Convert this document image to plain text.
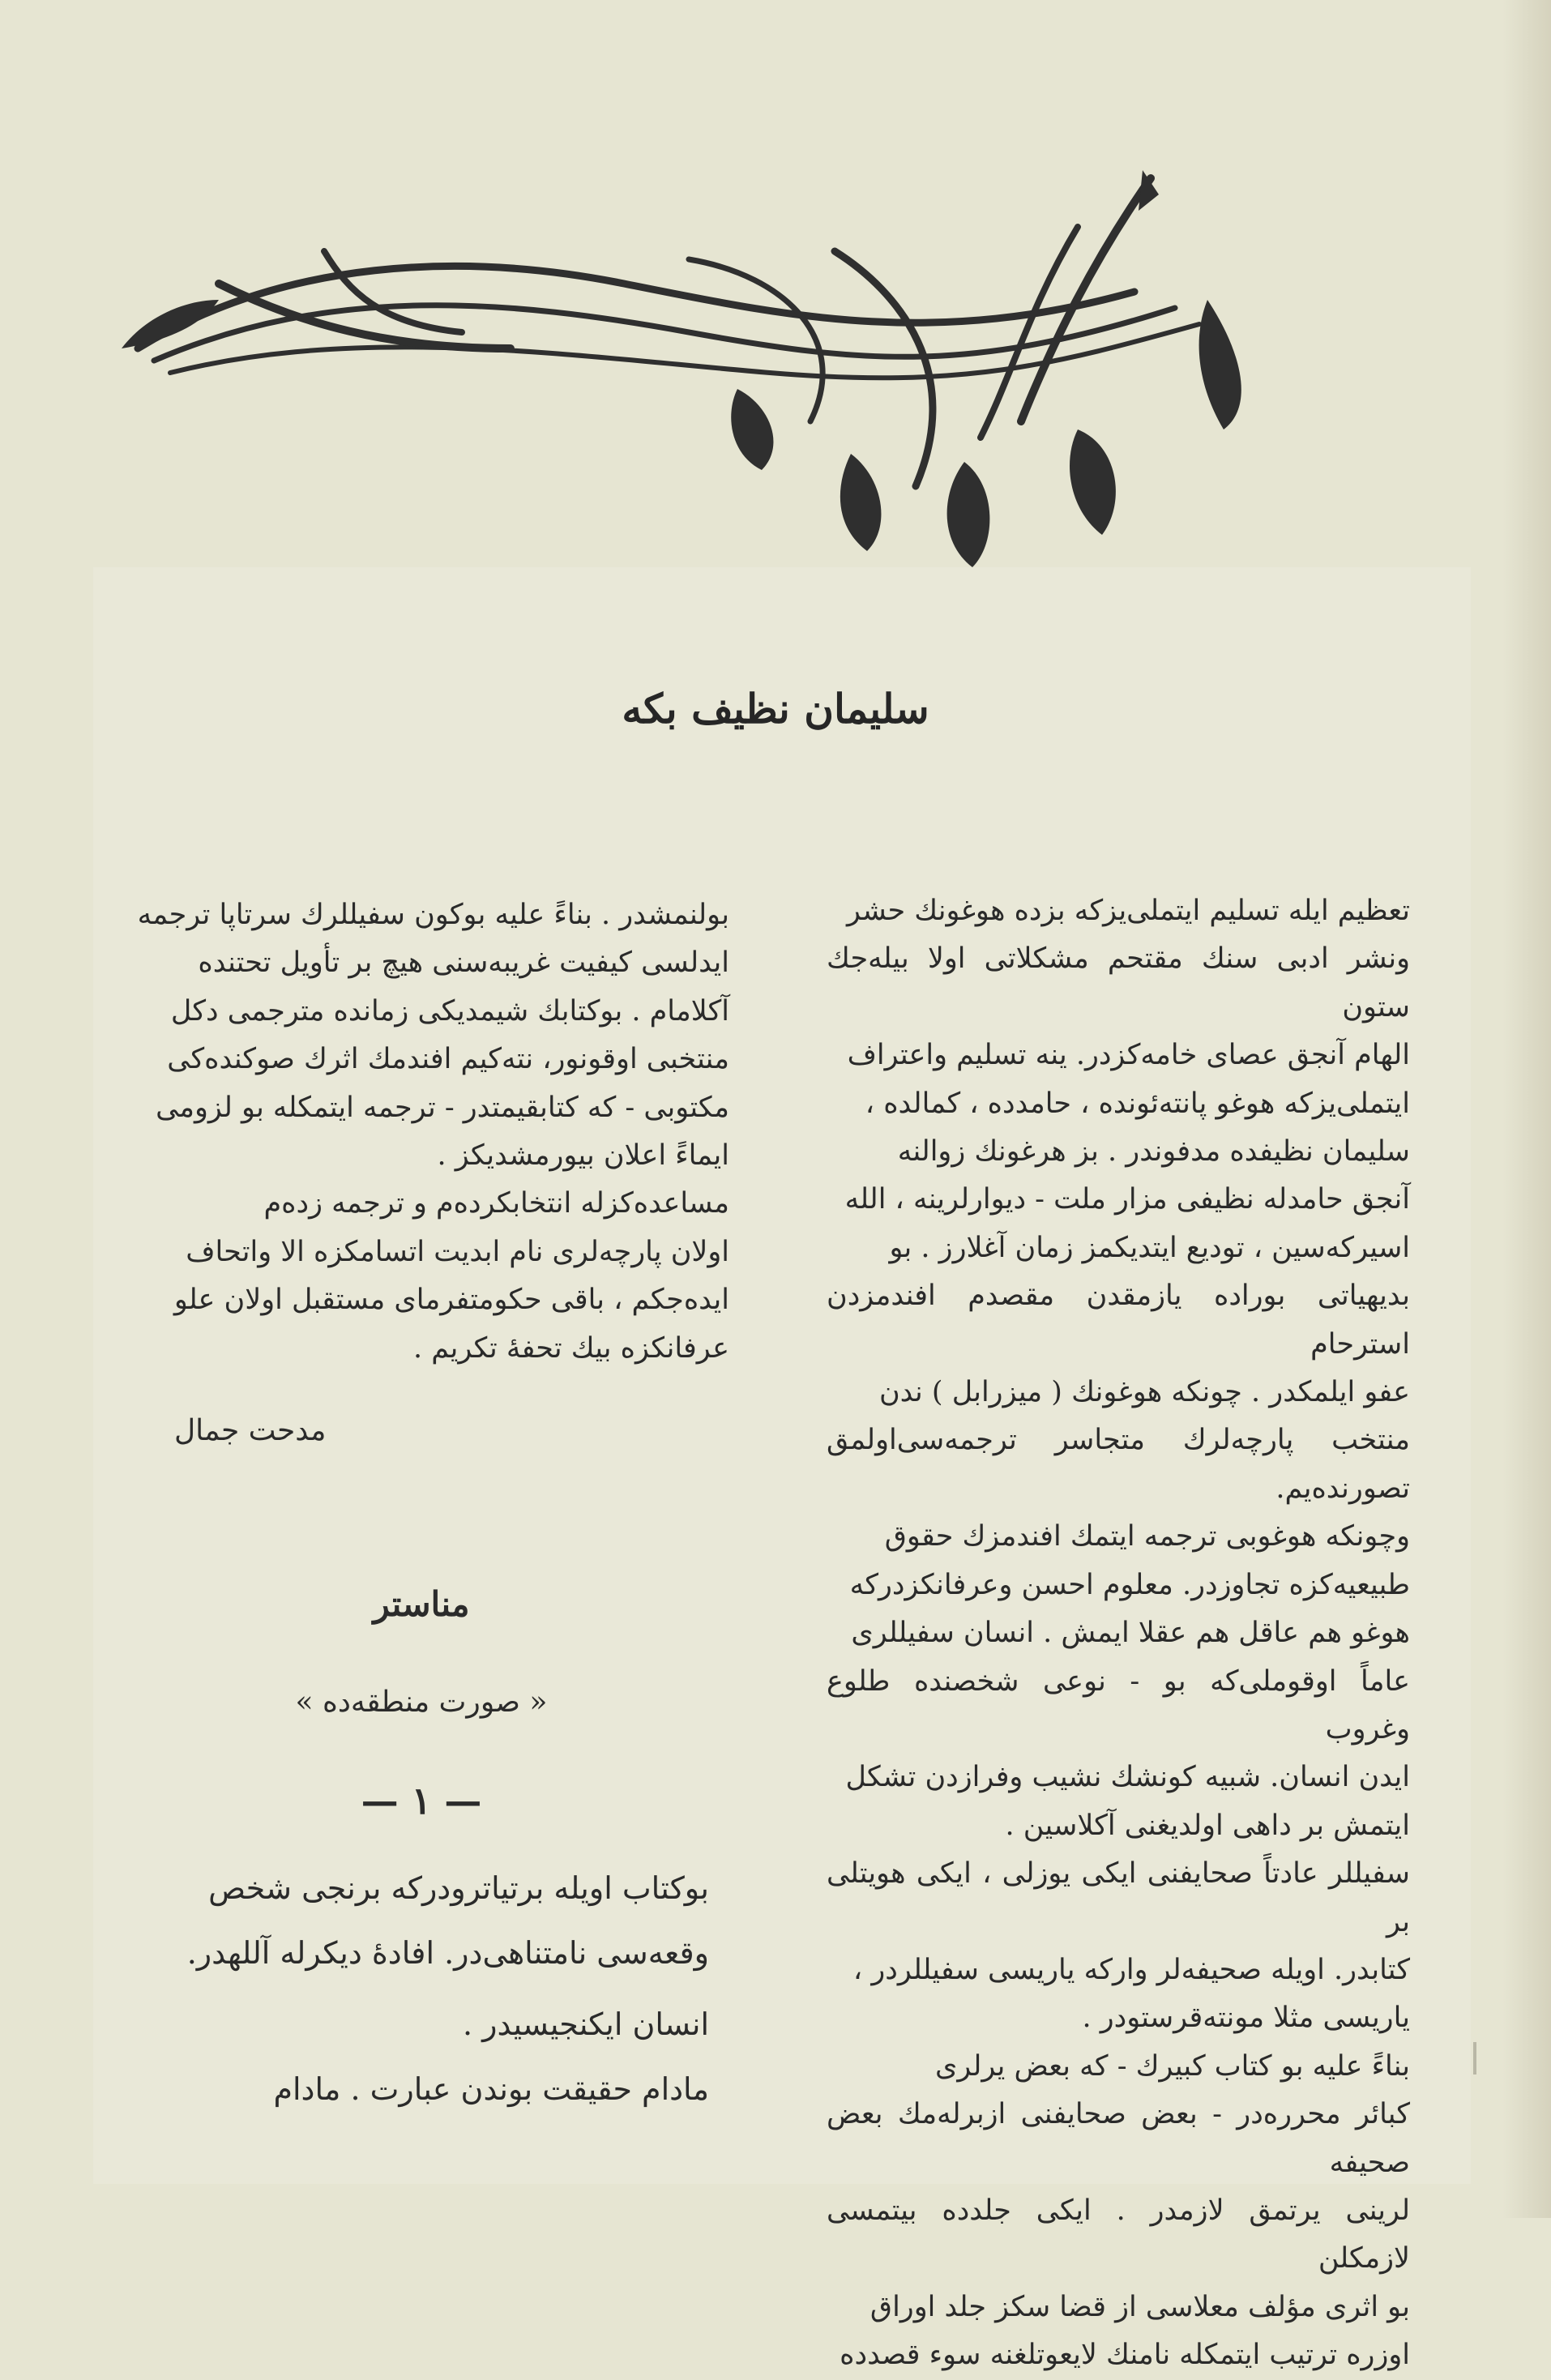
سلیمان نظیف بکه

تعظیم ایله تسلیم ایتملی‌یزکه بزده هوغونك حشر

ونشر ادبی سنك مقتحم مشکلاتی اولا بیله‌جك ستون

الهام آنجق عصای خامه‌کزدر. ینه تسلیم واعتراف

ایتملی‌یزکه هوغو پانته‌ئونده ، حامدده ، کمالده ،

سلیمان نظیفده مدفوندر . بز هرغونك زوالنه

آنجق حامدله نظیفی مزار ملت - دیوارلرینه ، الله

اسیرکه‌سین ، تودیع ایتدیکمز زمان آغلارز . بو

بدیهیاتی بوراده یازمقدن مقصدم افندمزدن استرحام

عفو ایلمکدر . چونکه هوغونك ( میزرابل ) ندن

منتخب پارچه‌لرك متجاسر ترجمه‌سی‌اولمق تصورندەیم.

وچونکه هوغوبی ترجمه ایتمك افندمزك حقوق

طبیعیه‌کزه تجاوزدر. معلوم احسن وعرفانکزدرکه

هوغو هم عاقل هم عقلا ایمش . انسان سفیللری

عاماً اوقوملی‌که بو - نوعی شخصنده طلوع وغروب

ایدن انسان. شبیه کونشك نشیب وفرازدن تشکل

ایتمش بر داهی اولدیغنی آکلاسین .

سفیللر عادتاً صحایفنی ایکی یوزلی ، ایکی هویتلی بر

کتابدر. اویله صحیفه‌لر وارکه یاریسی سفیللردر ،

یاریسی مثلا مونته‌قرستودر .

بناءً علیه بو کتاب کبیرك - که بعض یرلری

کبائر محرره‌در - بعض صحایفنی ازبرلەمك بعض صحیفه

لرینی یرتمق لازمدر . ایکی جلدده بیتمسی لازمکلن

بو اثری مؤلف معلاسی از قضا سکز جلد اوراق

اوزره ترتیب ایتمکله نامنك لایعوتلغنه سوء قصدده

بولنمشدر . بناءً علیه بوکون سفیللرك سرتاپا ترجمه

ایدلسی کیفیت غریبه‌سنی هیچ بر تأویل تحتنده

آکلامام . بوکتابك شیمدیکی زمانده مترجمی دکل

منتخبی اوقونور، نته‌کیم افندمك اثرك صوکنده‌کی

مکتوبی - که کتابقیمتدر - ترجمه ایتمکله بو لزومی

ایماءً اعلان بیورمشدیکز .

مساعده‌کزله انتخابکردەم و ترجمه زدەم

اولان پارچه‌لری نام ابدیت اتسامکزه الا واتحاف

ایده‌جکم ، باقی حکومتفرمای مستقبل اولان علو

عرفانکزه بیك تحفۀ تکریم .

مدحت جمال
مناستر
« صورت منطقه‌ده »
— ١ —

بوکتاب اویله برتیاترودرکه برنجی شخص

وقعه‌سی نامتناهی‌در. افادۀ دیکرله آللهدر.

انسان ایکنجیسیدر .

مادام حقیقت بوندن عبارت . مادام
